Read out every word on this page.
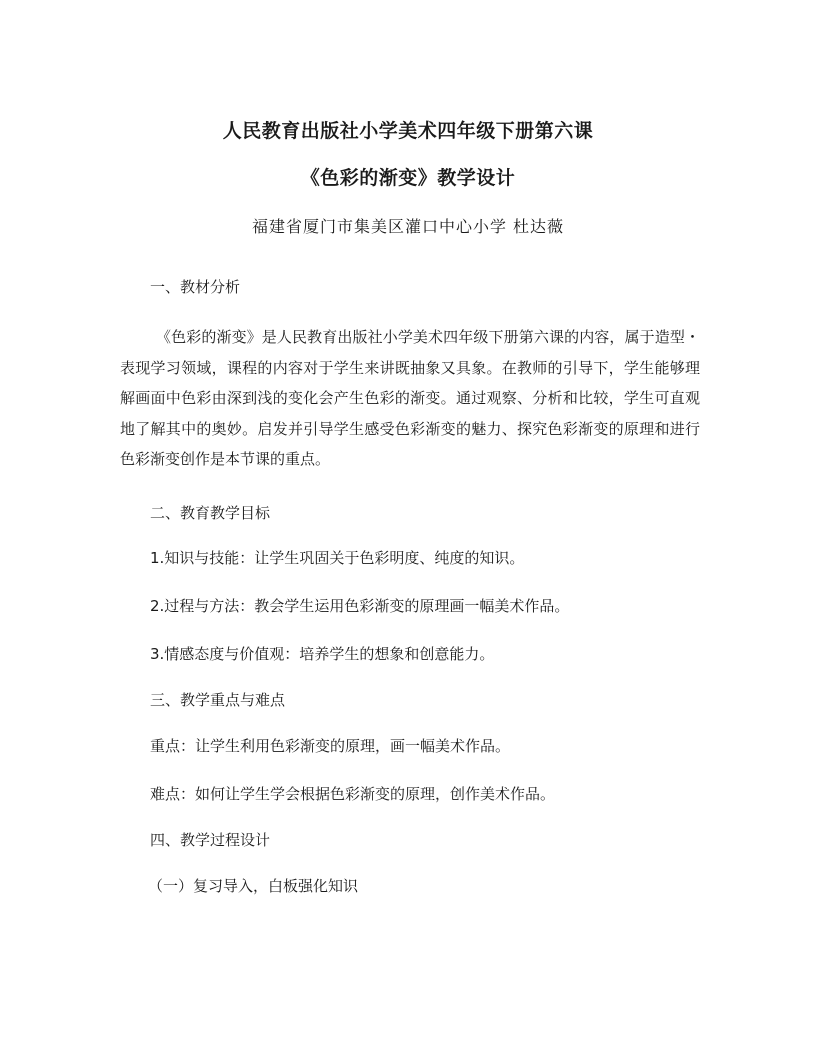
人民教育出版社小学美术四年级下册第六课
《色彩的渐变》教学设计
福建省厦门市集美区灌口中心小学 杜达薇
一、教材分析
《色彩的渐变》是人民教育出版社小学美术四年级下册第六课的内容，属于造型・表现学习领域，课程的内容对于学生来讲既抽象又具象。在教师的引导下，学生能够理解画面中色彩由深到浅的变化会产生色彩的渐变。通过观察、分析和比较，学生可直观地了解其中的奥妙。启发并引导学生感受色彩渐变的魅力、探究色彩渐变的原理和进行色彩渐变创作是本节课的重点。
二、教育教学目标
1.知识与技能：让学生巩固关于色彩明度、纯度的知识。
2.过程与方法：教会学生运用色彩渐变的原理画一幅美术作品。
3.情感态度与价值观：培养学生的想象和创意能力。
三、教学重点与难点
重点：让学生利用色彩渐变的原理，画一幅美术作品。
难点：如何让学生学会根据色彩渐变的原理，创作美术作品。
四、教学过程设计
（一）复习导入，白板强化知识
